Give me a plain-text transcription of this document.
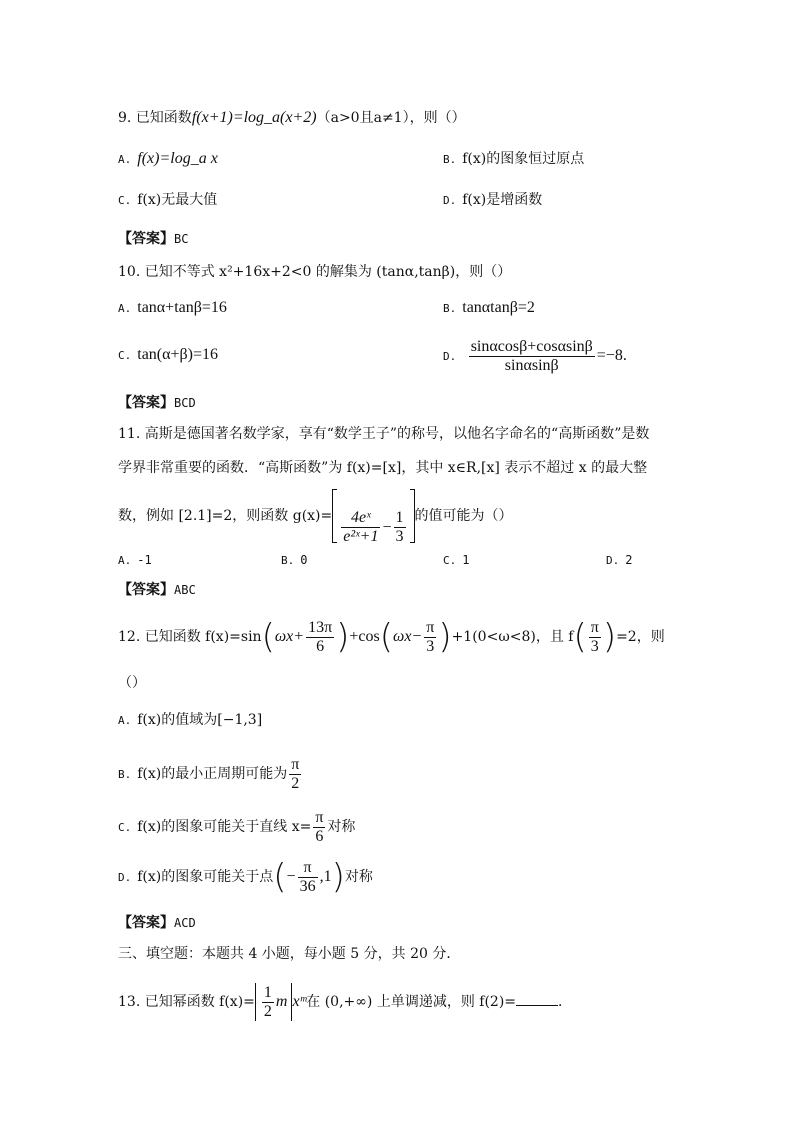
9. 已知函数f(x+1)=log_a(x+2)（a>0且a≠1），则（）
A. f(x)=log_a x	B. f(x)的图象恒过原点
C. f(x)无最大值	D. f(x)是增函数
【答案】BC
10. 已知不等式 x²+16x+2<0 的解集为 (tanα,tanβ)，则（）
A. tanα+tanβ=16	B. tanαtanβ=2
C. tan(α+β)=16	D. $\frac{\sin\alpha\cos\beta+\cos\alpha\sin\beta}{\sin\alpha\sin\beta} =-8$.
【答案】BCD
11. 高斯是德国著名数学家，享有“数学王子”的称号，以他名字命名的“高斯函数”是数
学界非常重要的函数．“高斯函数”为 f(x)=[x]，其中 x∈R,[x] 表示不超过 x 的最大整
数，例如 [2.1]=2，则函数 $g(x)= \frac{\text{4eˣ}}{\text{e²ˣ+1}} - \frac{1}{3}$ 的值可能为（）
A. -1	B. 0	C. 1	D. 2
【答案】ABC
12. 已知函数 $f(x)=\sin(\omega x+ \frac{13\pi}{6} )+\cos(\omega x- \frac{\pi}{3} )+1(0<\omega<8)$，且 $f( \frac{\pi}{3} )=2$，则
（）
A. f(x)的值域为[−1,3]
B. f(x)的最小正周期可能为 $\frac{\pi}{2}$
C. f(x)的图象可能关于直线 $x= \frac{\pi}{6}$ 对称
D. f(x)的图象可能关于点(− $\frac{\pi}{36} ,1$)对称
【答案】ACD
三、填空题：本题共 4 小题，每小题 5 分，共 20 分．
13. 已知幂函数 $f(x)= \frac{1}{2}$ m xᵐ在 (0,+∞) 上单调递减，则 f(2)=	．
